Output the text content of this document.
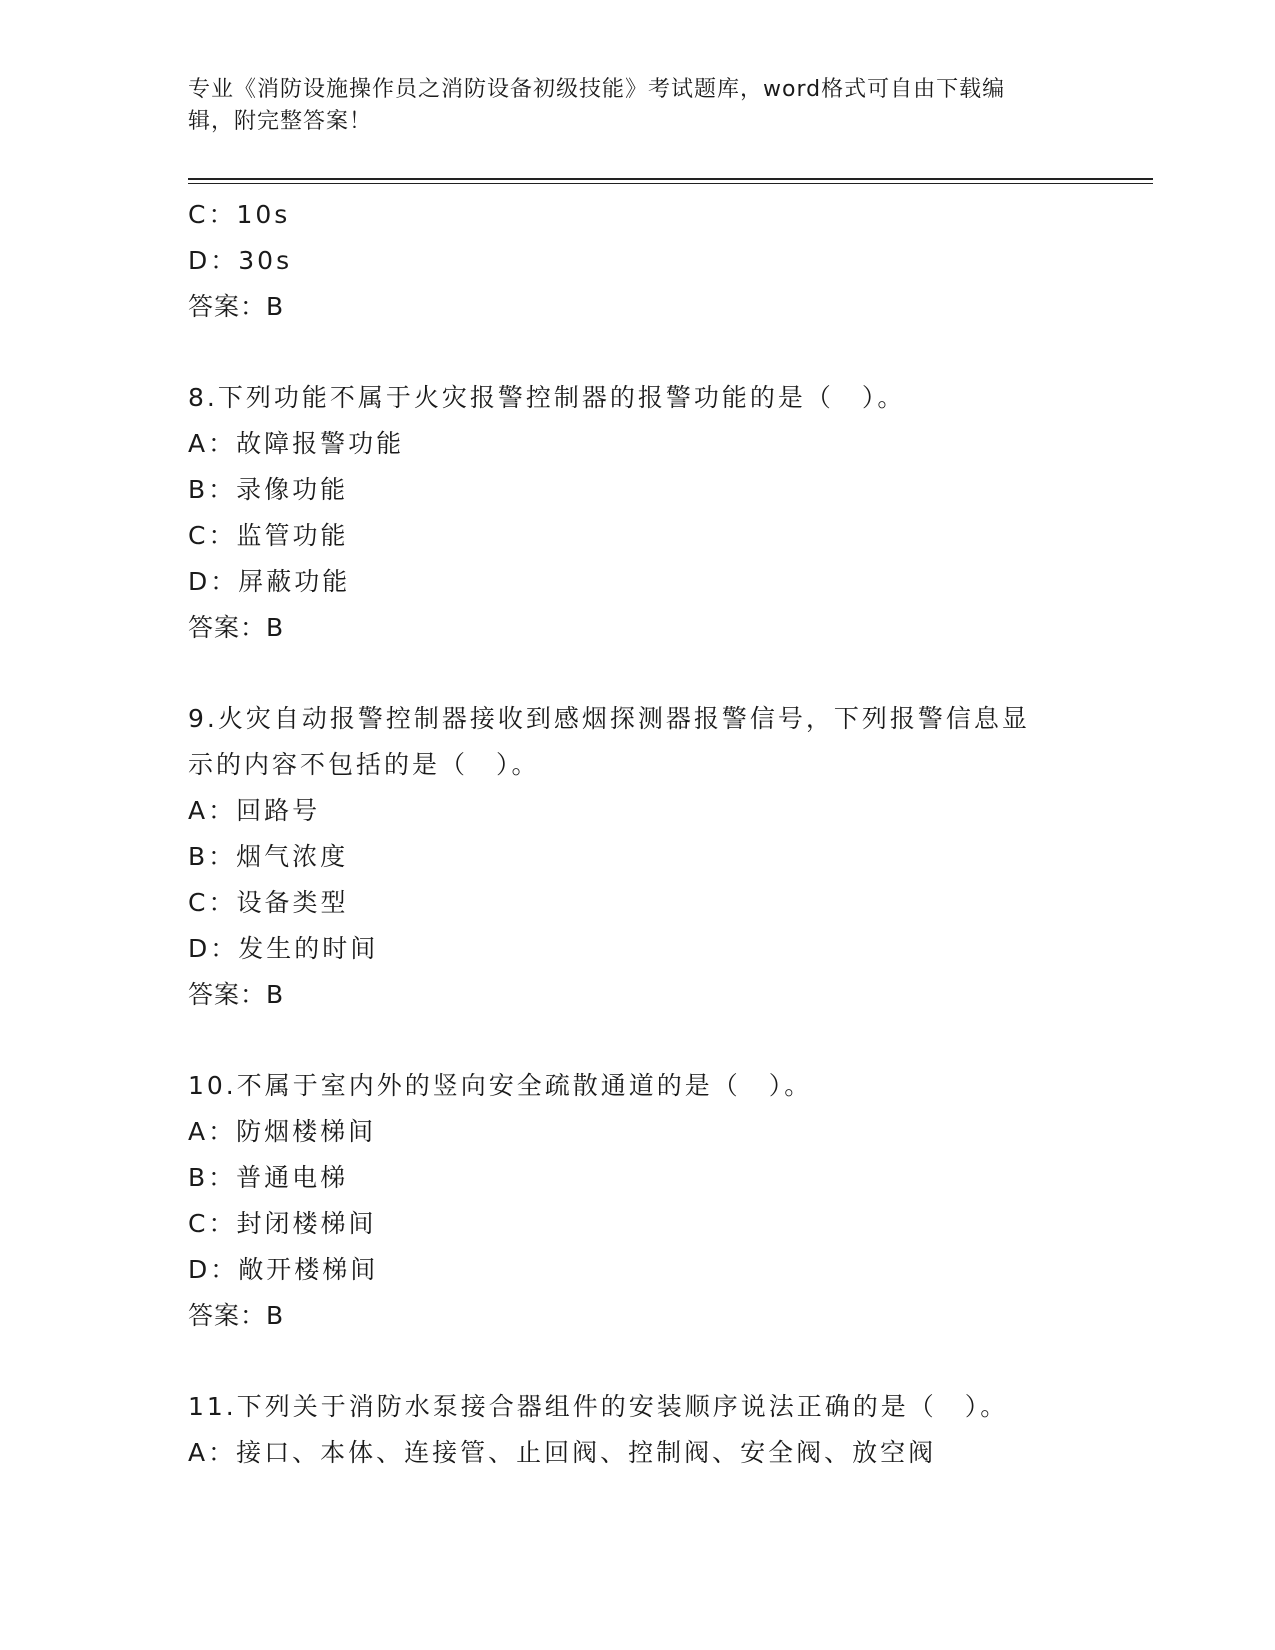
专业《消防设施操作员之消防设备初级技能》考试题库，word格式可自由下载编
辑，附完整答案！
C：10s
D：30s
答案：B
8.下列功能不属于火灾报警控制器的报警功能的是（　）。
A：故障报警功能
B：录像功能
C：监管功能
D：屏蔽功能
答案：B
9.火灾自动报警控制器接收到感烟探测器报警信号，下列报警信息显
示的内容不包括的是（　）。
A：回路号
B：烟气浓度
C：设备类型
D：发生的时间
答案：B
10.不属于室内外的竖向安全疏散通道的是（　）。
A：防烟楼梯间
B：普通电梯
C：封闭楼梯间
D：敞开楼梯间
答案：B
11.下列关于消防水泵接合器组件的安装顺序说法正确的是（　）。
A：接口、本体、连接管、止回阀、控制阀、安全阀、放空阀
